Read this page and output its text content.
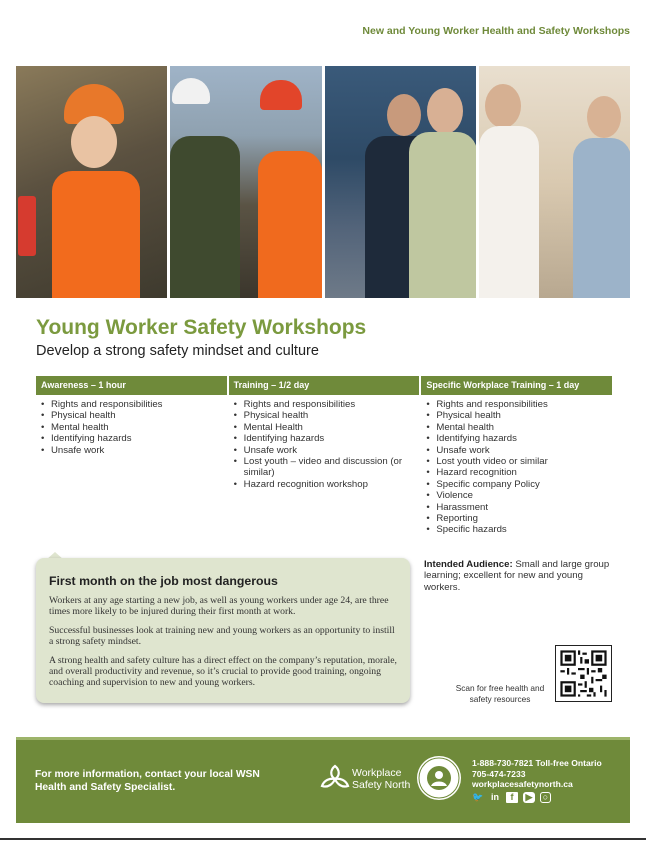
New and Young Worker Health and Safety Workshops
Young Worker Safety Workshops

Develop a strong safety mindset and culture

Awareness – 1 hour
• Rights and responsibilities
• Physical health
• Mental health
• Identifying hazards
• Unsafe work
Training – 1/2 day
• Rights and responsibilities
• Physical health
• Mental Health
• Identifying hazards
• Unsafe work
• Lost youth – video and discussion (or similar)
• Hazard recognition workshop
Specific Workplace Training – 1 day
• Rights and responsibilities
• Physical health
• Mental health
• Identifying hazards
• Unsafe work
• Lost youth video or similar
• Hazard recognition
• Specific company Policy
• Violence
• Harassment
• Reporting
• Specific hazards
First month on the job most dangerous

Workers at any age starting a new job, as well as young workers under age 24, are three times more likely to be injured during their first month at work.

Successful businesses look at training new and young workers as an opportunity to instill a strong safety mindset.

A strong health and safety culture has a direct effect on the company’s reputation, morale, and overall productivity and revenue, so it’s crucial to provide good training, ongoing coaching and supervision to new and young workers.

Intended Audience: Small and large group learning; excellent for new and young workers.
Scan for free health and safety resources
For more information, contact your local WSN Health and Safety Specialist.
Workplace
Safety North
1-888-730-7821 Toll-free Ontario
705-474-7233
workplacesafetynorth.ca
🐦 in	f	▶	○
